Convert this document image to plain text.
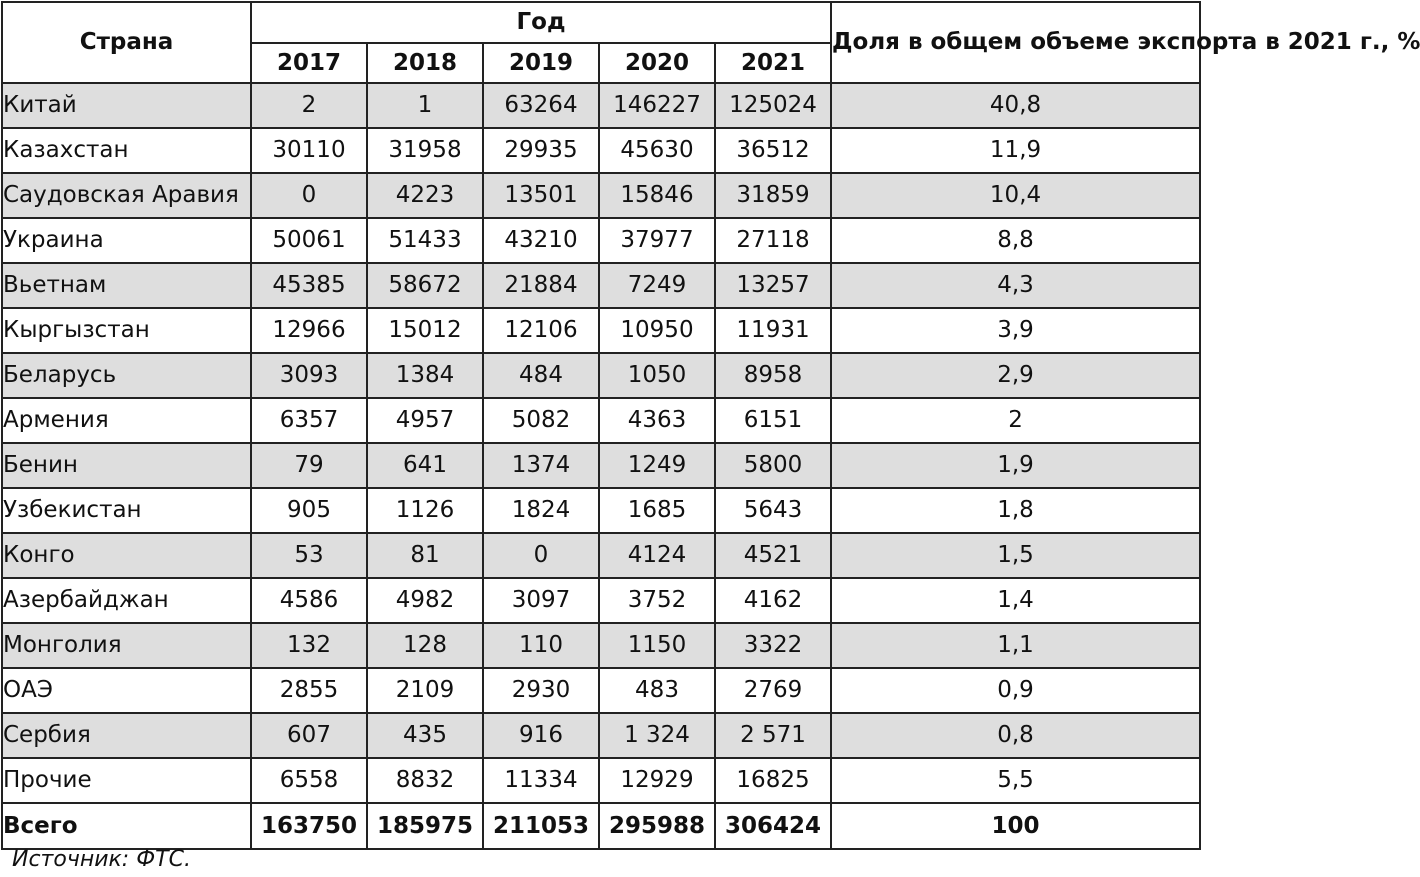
Страна	Год					Доля в общем объеме экспорта в 2021 г., %
	2017	2018	2019	2020	2021	
Китай	2	1	63264	146227	125024	40,8
Казахстан	30110	31958	29935	45630	36512	11,9
Саудовская Аравия	0	4223	13501	15846	31859	10,4
Украина	50061	51433	43210	37977	27118	8,8
Вьетнам	45385	58672	21884	7249	13257	4,3
Кыргызстан	12966	15012	12106	10950	11931	3,9
Беларусь	3093	1384	484	1050	8958	2,9
Армения	6357	4957	5082	4363	6151	2
Бенин	79	641	1374	1249	5800	1,9
Узбекистан	905	1126	1824	1685	5643	1,8
Конго	53	81	0	4124	4521	1,5
Азербайджан	4586	4982	3097	3752	4162	1,4
Монголия	132	128	110	1150	3322	1,1
ОАЭ	2855	2109	2930	483	2769	0,9
Сербия	607	435	916	1 324	2 571	0,8
Прочие	6558	8832	11334	12929	16825	5,5
Всего	163750	185975	211053	295988	306424	100
Источник: ФТС.
